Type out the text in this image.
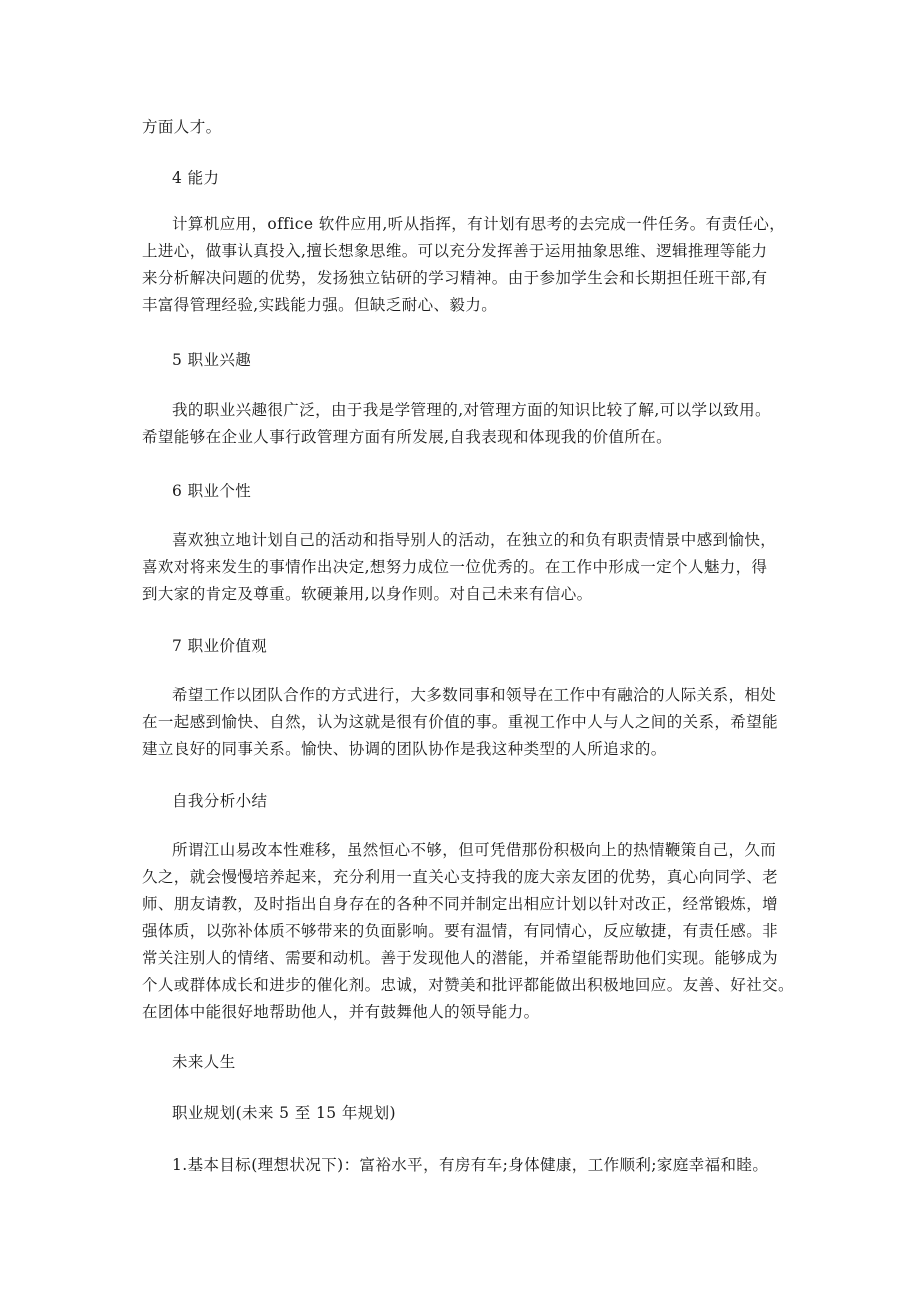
方面人才。
4 能力
计算机应用，office 软件应用,听从指挥，有计划有思考的去完成一件任务。有责任心，
上进心，做事认真投入,擅长想象思维。可以充分发挥善于运用抽象思维、逻辑推理等能力
来分析解决问题的优势，发扬独立钻研的学习精神。由于参加学生会和长期担任班干部,有
丰富得管理经验,实践能力强。但缺乏耐心、毅力。
5 职业兴趣
我的职业兴趣很广泛，由于我是学管理的,对管理方面的知识比较了解,可以学以致用。
希望能够在企业人事行政管理方面有所发展,自我表现和体现我的价值所在。
6 职业个性
喜欢独立地计划自己的活动和指导别人的活动，在独立的和负有职责情景中感到愉快，
喜欢对将来发生的事情作出决定,想努力成位一位优秀的。在工作中形成一定个人魅力，得
到大家的肯定及尊重。软硬兼用,以身作则。对自己未来有信心。
7 职业价值观
希望工作以团队合作的方式进行，大多数同事和领导在工作中有融洽的人际关系，相处
在一起感到愉快、自然，认为这就是很有价值的事。重视工作中人与人之间的关系，希望能
建立良好的同事关系。愉快、协调的团队协作是我这种类型的人所追求的。
自我分析小结
所谓江山易改本性难移，虽然恒心不够，但可凭借那份积极向上的热情鞭策自己，久而
久之，就会慢慢培养起来，充分利用一直关心支持我的庞大亲友团的优势，真心向同学、老
师、朋友请教，及时指出自身存在的各种不同并制定出相应计划以针对改正，经常锻炼，增
强体质，以弥补体质不够带来的负面影响。要有温情，有同情心，反应敏捷，有责任感。非
常关注别人的情绪、需要和动机。善于发现他人的潜能，并希望能帮助他们实现。能够成为
个人或群体成长和进步的催化剂。忠诚，对赞美和批评都能做出积极地回应。友善、好社交。
在团体中能很好地帮助他人，并有鼓舞他人的领导能力。
未来人生
职业规划(未来 5 至 15 年规划)
1.基本目标(理想状况下)：富裕水平，有房有车;身体健康，工作顺利;家庭幸福和睦。
